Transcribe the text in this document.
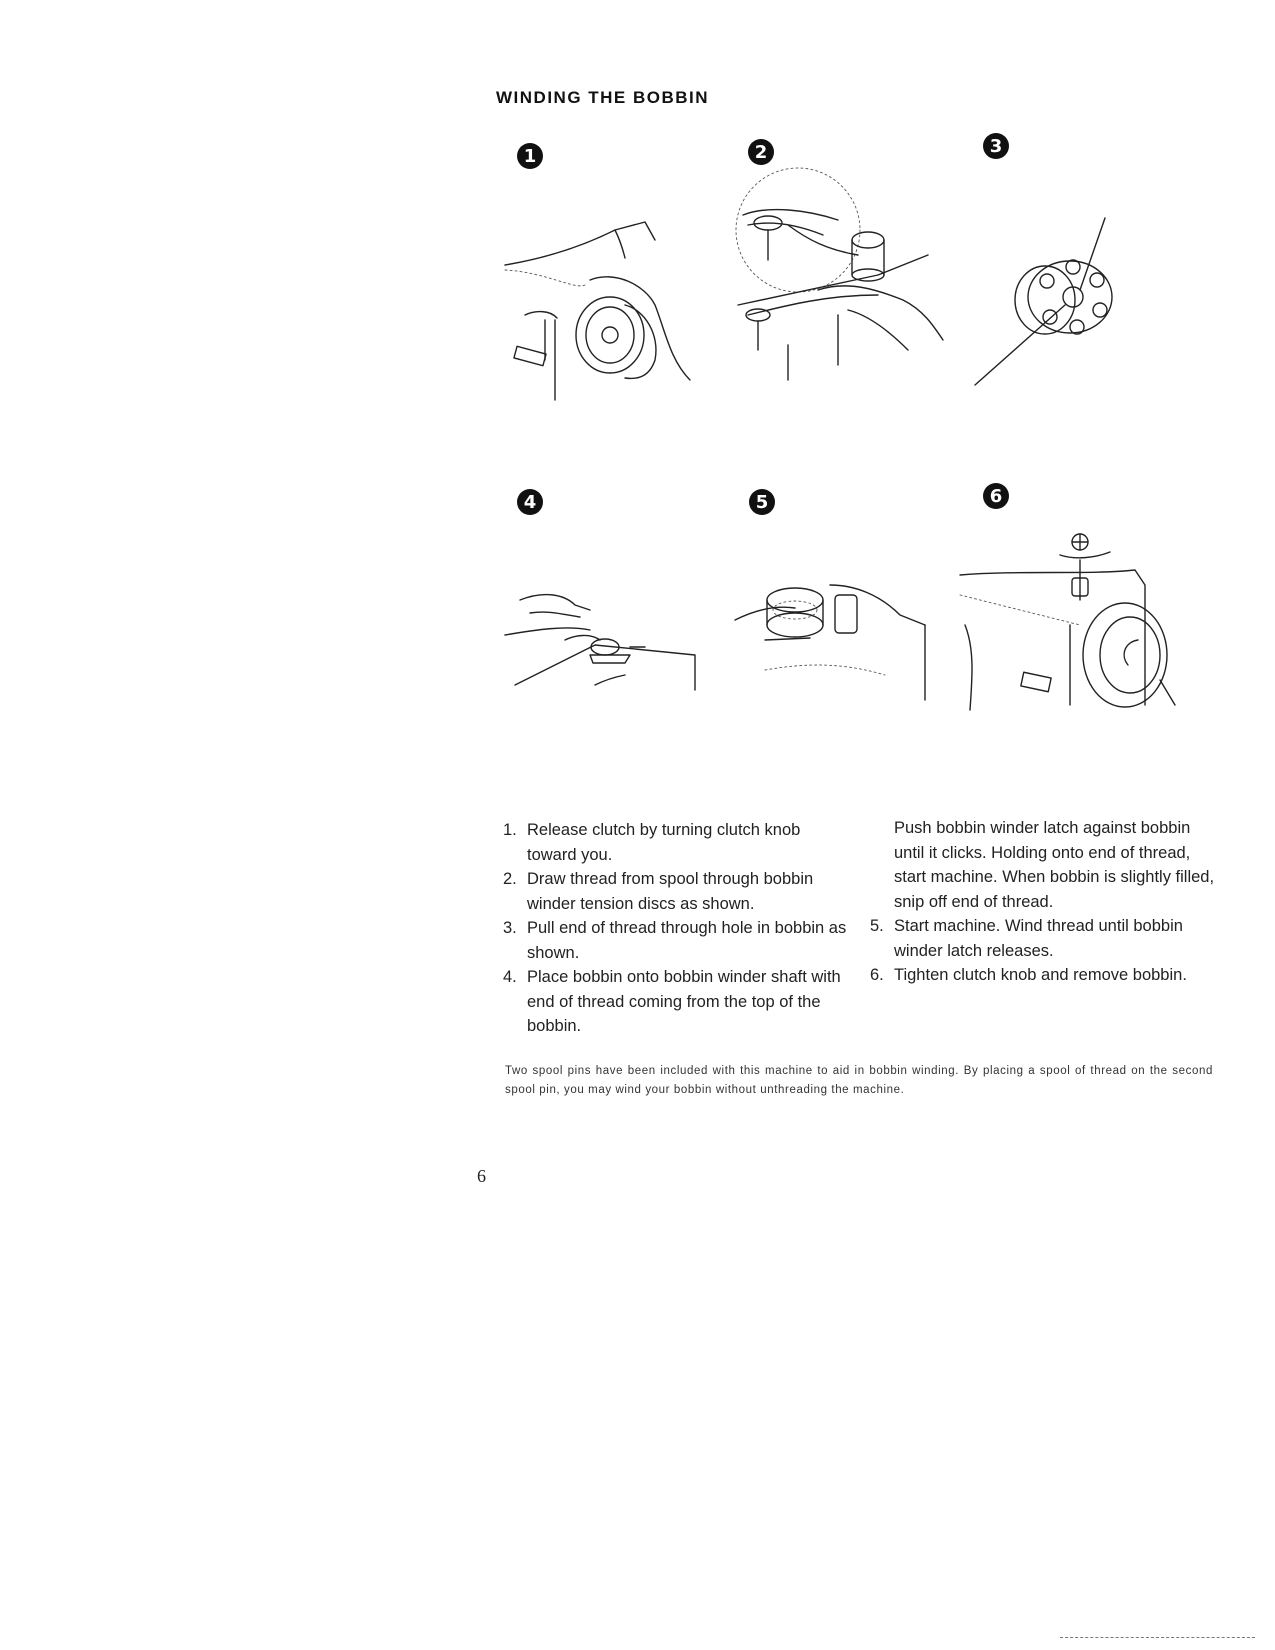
WINDING THE BOBBIN
1	2	3
4	5	6

1. Release clutch by turning clutch knob toward you.

2. Draw thread from spool through bobbin winder tension discs as shown.

3. Pull end of thread through hole in bobbin as shown.

4. Place bobbin onto bobbin winder shaft with end of thread coming from the top of the bobbin.

Push bobbin winder latch against bobbin until it clicks. Holding onto end of thread, start machine. When bobbin is slightly filled, snip off end of thread.

5. Start machine. Wind thread until bobbin winder latch releases.

6. Tighten clutch knob and remove bobbin.

Two spool pins have been included with this machine to aid in bobbin winding. By placing a spool of thread on the second spool pin, you may wind your bobbin without unthreading the machine.
6
